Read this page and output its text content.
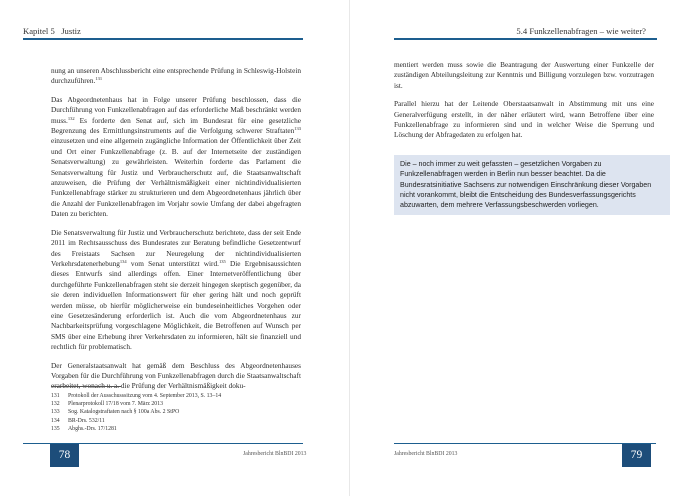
Kapitel 5 Justiz

nung an unseren Abschlussbericht eine entsprechende Prüfung in Schleswig-Holstein durchzuführen.$^{131}$

Das Abgeordnetenhaus hat in Folge unserer Prüfung beschlossen, dass die Durchführung von Funkzellenabfragen auf das erforderliche Maß beschränkt werden muss.$^{132}$ Es forderte den Senat auf, sich im Bundesrat für eine gesetzliche Begrenzung des Ermittlungsinstruments auf die Verfolgung schwerer Straftaten$^{133}$ einzusetzen und eine allgemein zugängliche Information der Öffentlichkeit über Zeit und Ort einer Funkzellenabfrage (z. B. auf der Internetseite der zuständigen Senatsverwaltung) zu gewährleisten. Weiterhin forderte das Parlament die Senatsverwaltung für Justiz und Verbraucherschutz auf, die Staatsanwaltschaft anzuweisen, die Prüfung der Verhältnismäßigkeit einer nichtindividualisierten Funkzellenabfrage stärker zu strukturieren und dem Abgeordnetenhaus jährlich über die Anzahl der Funkzellenabfragen im Vorjahr sowie Umfang der dabei abgefragten Daten zu berichten.

Die Senatsverwaltung für Justiz und Verbraucherschutz berichtete, dass der seit Ende 2011 im Rechtsausschuss des Bundesrates zur Beratung befindliche Gesetzentwurf des Freistaats Sachsen zur Neuregelung der nichtindividualisierten Verkehrsdatenerhebung$^{134}$ vom Senat unterstützt wird.$^{135}$ Die Ergebnisaussichten dieses Entwurfs sind allerdings offen. Einer Internetveröffentlichung über durchgeführte Funkzellenabfragen steht sie derzeit hingegen skeptisch gegenüber, da sie deren individuellen Informationswert für eher gering hält und noch geprüft werden müsse, ob hierfür möglicherweise ein bundeseinheitliches Vorgehen oder eine Gesetzesänderung erforderlich ist. Auch die vom Abgeordnetenhaus zur Nachbarkeitsprüfung vorgeschlagene Möglichkeit, die Betroffenen auf Wunsch per SMS über eine Erhebung ihrer Verkehrsdaten zu informieren, hält sie finanziell und rechtlich für problematisch.

Der Generalstaatsanwalt hat gemäß dem Beschluss des Abgeordnetenhauses Vorgaben für die Durchführung von Funkzellenabfragen durch die Staatsanwaltschaft erarbeitet, wonach u. a. die Prüfung der Verhältnismäßigkeit doku-

131 Protokoll der Ausschusssitzung vom 4. September 2013, S. 13–14
132 Plenarprotokoll 17/18 vom 7. März 2013
133 Sog. Katalogstraftaten nach § 100a Abs. 2 StPO
134 BR-Drs. 532/11
135 Abghs.-Drs. 17/1281
78	Jahresbericht BlnBDI 2013
5.4 Funkzellenabfragen – wie weiter?

mentiert werden muss sowie die Beantragung der Auswertung einer Funkzelle der zuständigen Abteilungsleitung zur Kenntnis und Billigung vorzulegen bzw. vorzutragen ist.

Parallel hierzu hat der Leitende Oberstaatsanwalt in Abstimmung mit uns eine Generalverfügung erstellt, in der näher erläutert wird, wann Betroffene über eine Funkzellenabfrage zu informieren sind und in welcher Weise die Sperrung und Löschung der Abfragedaten zu erfolgen hat.

Die – noch immer zu weit gefassten – gesetzlichen Vorgaben zu Funkzellenabfragen werden in Berlin nun besser beachtet. Da die Bundesratsinitiative Sachsens zur notwendigen Einschränkung dieser Vorgaben nicht vorankommt, bleibt die Entscheidung des Bundesverfassungsgerichts abzuwarten, dem mehrere Verfassungsbeschwerden vorliegen.
Jahresbericht BlnBDI 2013	79
